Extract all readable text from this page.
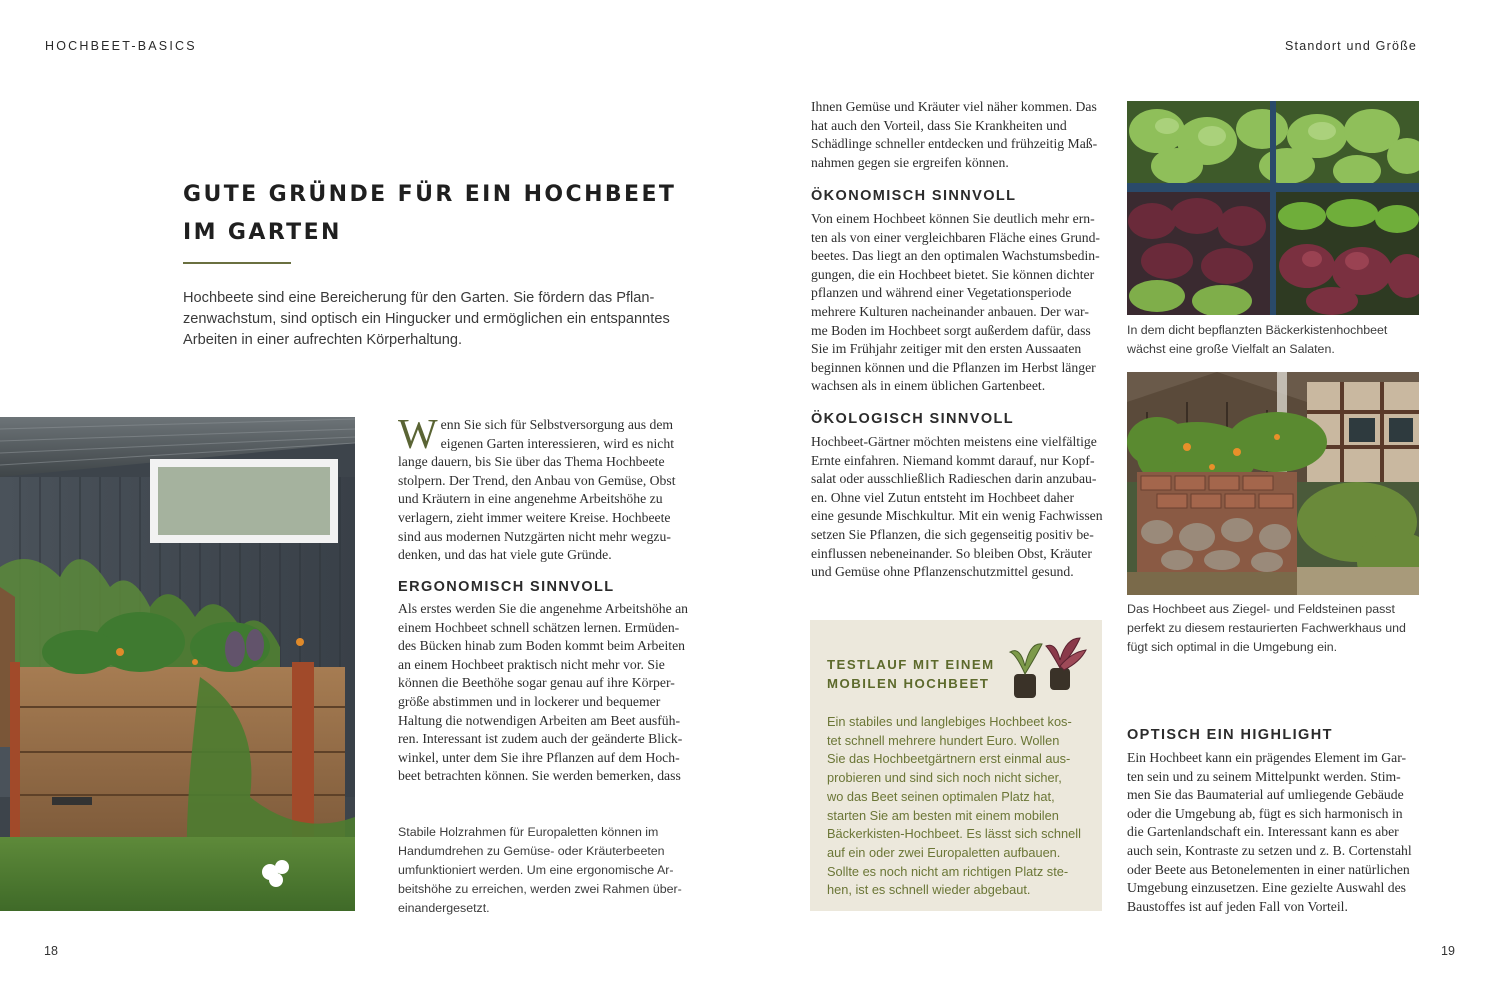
HOCHBEET-BASICS	Standort und Größe
GUTE GRÜNDE FÜR EIN HOCHBEET
IM GARTEN
Hochbeete sind eine Bereicherung für den Garten. Sie fördern das Pflan-
zenwachstum, sind optisch ein Hingucker und ermöglichen ein entspanntes
Arbeiten in einer aufrechten Körperhaltung.
W enn Sie sich für Selbstversorgung aus dem
eigenen Garten interessieren, wird es nicht
lange dauern, bis Sie über das Thema Hochbeete
stolpern. Der Trend, den Anbau von Gemüse, Obst
und Kräutern in eine angenehme Arbeitshöhe zu
verlagern, zieht immer weitere Kreise. Hochbeete
sind aus modernen Nutzgärten nicht mehr wegzu-
denken, und das hat viele gute Gründe.
ERGONOMISCH SINNVOLL
Als erstes werden Sie die angenehme Arbeitshöhe an
einem Hochbeet schnell schätzen lernen. Ermüden-
des Bücken hinab zum Boden kommt beim Arbeiten
an einem Hochbeet praktisch nicht mehr vor. Sie
können die Beethöhe sogar genau auf ihre Körper-
größe abstimmen und in lockerer und bequemer
Haltung die notwendigen Arbeiten am Beet ausfüh-
ren. Interessant ist zudem auch der geänderte Blick-
winkel, unter dem Sie ihre Pflanzen auf dem Hoch-
beet betrachten können. Sie werden bemerken, dass
Stabile Holzrahmen für Europaletten können im
Handumdrehen zu Gemüse- oder Kräuterbeeten
umfunktioniert werden. Um eine ergonomische Ar-
beitshöhe zu erreichen, werden zwei Rahmen über-
einandergesetzt.
Ihnen Gemüse und Kräuter viel näher kommen. Das
hat auch den Vorteil, dass Sie Krankheiten und
Schädlinge schneller entdecken und frühzeitig Maß-
nahmen gegen sie ergreifen können.
ÖKONOMISCH SINNVOLL
Von einem Hochbeet können Sie deutlich mehr ern-
ten als von einer vergleichbaren Fläche eines Grund-
beetes. Das liegt an den optimalen Wachstumsbedin-
gungen, die ein Hochbeet bietet. Sie können dichter
pflanzen und während einer Vegetationsperiode
mehrere Kulturen nacheinander anbauen. Der war-
me Boden im Hochbeet sorgt außerdem dafür, dass
Sie im Frühjahr zeitiger mit den ersten Aussaaten
beginnen können und die Pflanzen im Herbst länger
wachsen als in einem üblichen Gartenbeet.
ÖKOLOGISCH SINNVOLL
Hochbeet-Gärtner möchten meistens eine vielfältige
Ernte einfahren. Niemand kommt darauf, nur Kopf-
salat oder ausschließlich Radieschen darin anzubau-
en. Ohne viel Zutun entsteht im Hochbeet daher
eine gesunde Mischkultur. Mit ein wenig Fachwissen
setzen Sie Pflanzen, die sich gegenseitig positiv be-
einflussen nebeneinander. So bleiben Obst, Kräuter
und Gemüse ohne Pflanzenschutzmittel gesund.
TESTLAUF MIT EINEM
MOBILEN HOCHBEET
Ein stabiles und langlebiges Hochbeet kos-
tet schnell mehrere hundert Euro. Wollen
Sie das Hochbeetgärtnern erst einmal aus-
probieren und sind sich noch nicht sicher,
wo das Beet seinen optimalen Platz hat,
starten Sie am besten mit einem mobilen
Bäckerkisten-Hochbeet. Es lässt sich schnell
auf ein oder zwei Europaletten aufbauen.
Sollte es noch nicht am richtigen Platz ste-
hen, ist es schnell wieder abgebaut.
In dem dicht bepflanzten Bäckerkistenhochbeet
wächst eine große Vielfalt an Salaten.
Das Hochbeet aus Ziegel- und Feldsteinen passt
perfekt zu diesem restaurierten Fachwerkhaus und
fügt sich optimal in die Umgebung ein.
OPTISCH EIN HIGHLIGHT
Ein Hochbeet kann ein prägendes Element im Gar-
ten sein und zu seinem Mittelpunkt werden. Stim-
men Sie das Baumaterial auf umliegende Gebäude
oder die Umgebung ab, fügt es sich harmonisch in
die Gartenlandschaft ein. Interessant kann es aber
auch sein, Kontraste zu setzen und z. B. Cortenstahl
oder Beete aus Betonelementen in einer natürlichen
Umgebung einzusetzen. Eine gezielte Auswahl des
Baustoffes ist auf jeden Fall von Vorteil.
18	19
